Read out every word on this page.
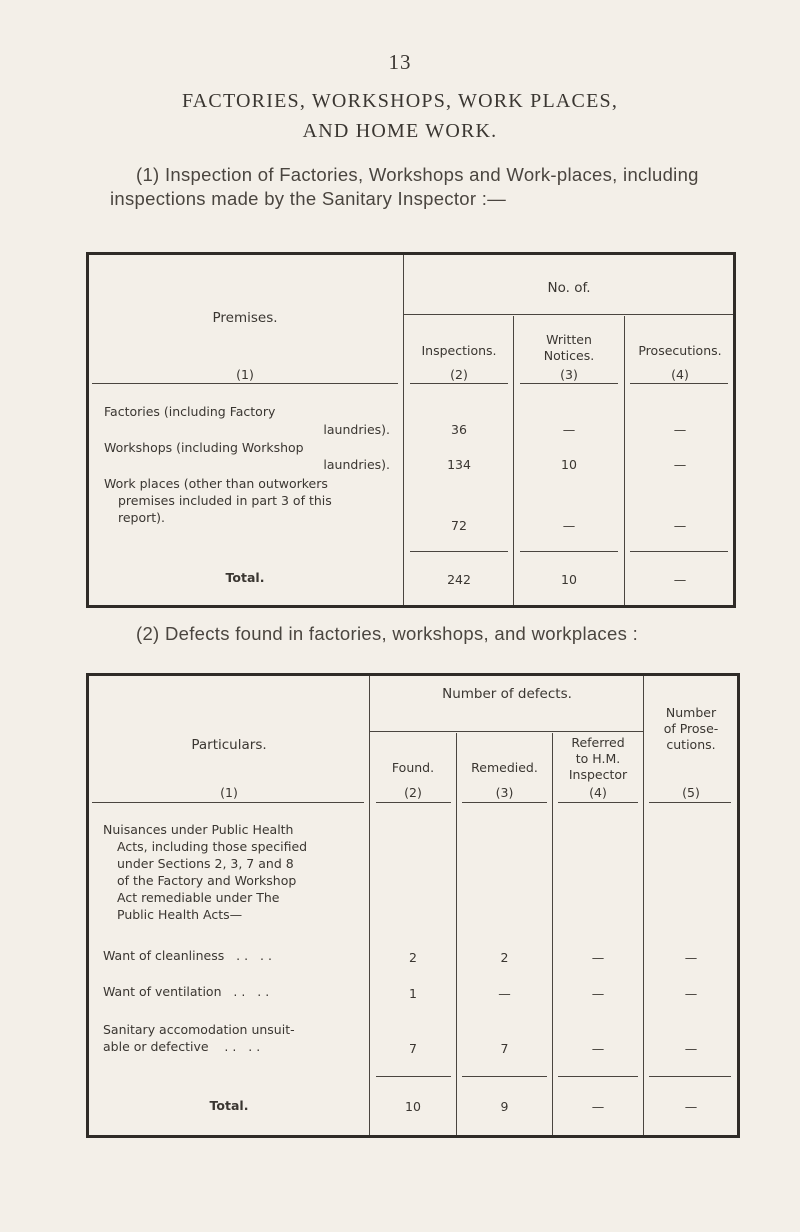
13
FACTORIES, WORKSHOPS, WORK PLACES,
AND HOME WORK.
(1) Inspection of Factories, Workshops and Work-places, including inspections made by the Sanitary Inspector :—
Premises.
(1)
No. of.
Inspections.
(2)
Written
Notices.
(3)
Prosecutions.
(4)
Factories (including Factory
laundries).	36	—	—
Workshops (including Workshop
laundries).	134	10	—
Work places (other than outworkers
premises included in part 3 of this
report).
72	—	—
Total.	242	10	—
(2) Defects found in factories, workshops, and workplaces :
Particulars.
(1)
Number of defects.
Found.
(2)
Remedied.
(3)
Referred
to H.M.
Inspector
(4)
Number
of Prose-
cutions.
(5)
Nuisances under Public Health
Acts, including those specified
under Sections 2, 3, 7 and 8
of the Factory and Workshop
Act remediable under The
Public Health Acts—
Want of cleanliness   . .   . .	2	2	—	—
Want of ventilation   . .   . .	1	—	—	—
Sanitary accomodation unsuit-
able or defective    . .   . .	7	7	—	—
Total.	10	9	—	—
